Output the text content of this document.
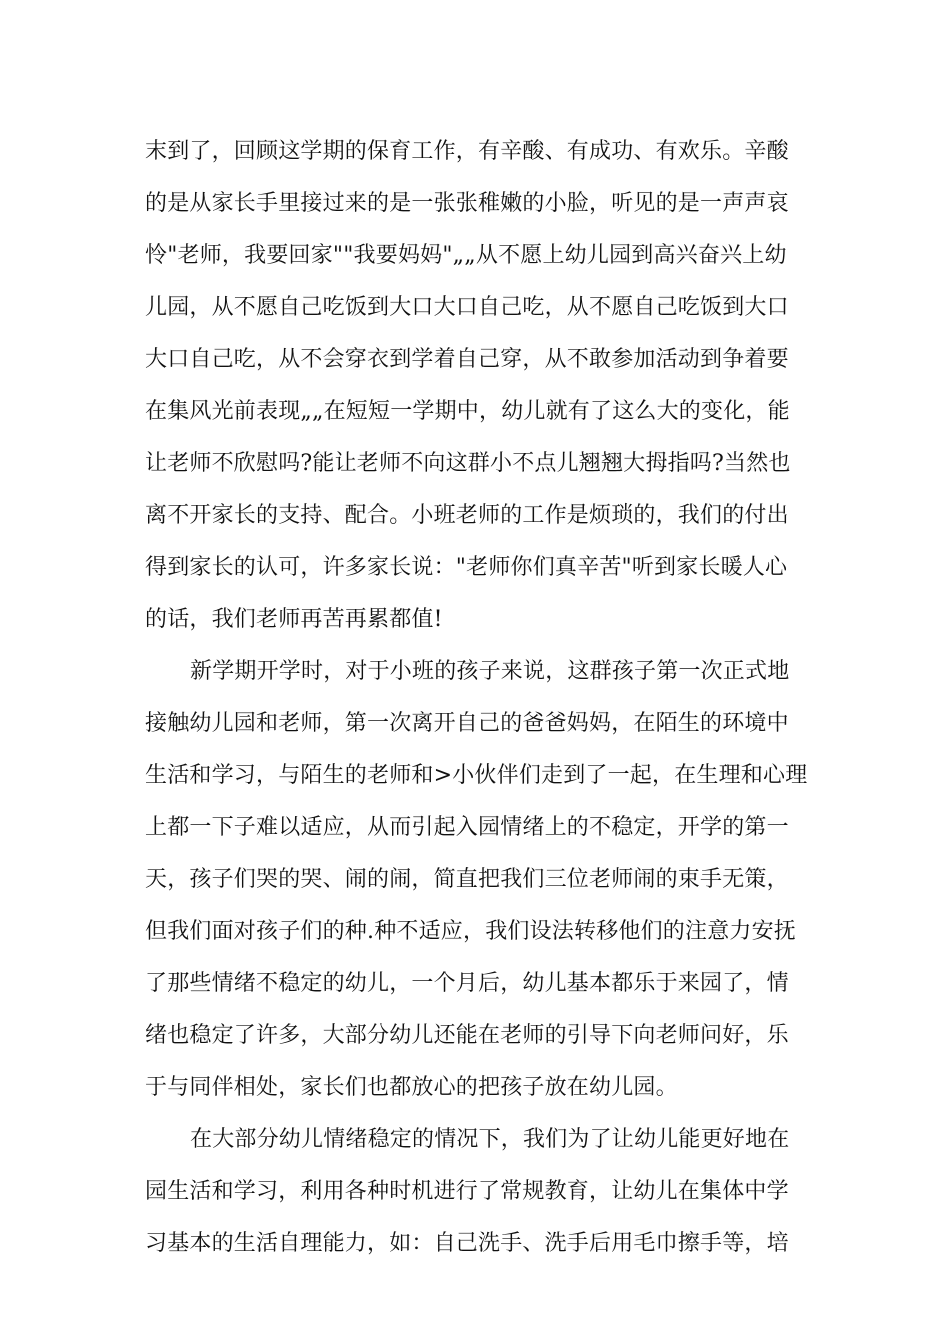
末到了，回顾这学期的保育工作，有辛酸、有成功、有欢乐。辛酸
的是从家长手里接过来的是一张张稚嫩的小脸，听见的是一声声哀
怜"老师，我要回家""我要妈妈"„„从不愿上幼儿园到高兴奋兴上幼
儿园，从不愿自己吃饭到大口大口自己吃，从不愿自己吃饭到大口
大口自己吃，从不会穿衣到学着自己穿，从不敢参加活动到争着要
在集风光前表现„„在短短一学期中，幼儿就有了这么大的变化，能
让老师不欣慰吗?能让老师不向这群小不点儿翘翘大拇指吗?当然也
离不开家长的支持、配合。小班老师的工作是烦琐的，我们的付出
得到家长的认可，许多家长说："老师你们真辛苦"听到家长暖人心
的话，我们老师再苦再累都值!
新学期开学时，对于小班的孩子来说，这群孩子第一次正式地
接触幼儿园和老师，第一次离开自己的爸爸妈妈，在陌生的环境中
生活和学习，与陌生的老师和>小伙伴们走到了一起，在生理和心理
上都一下子难以适应，从而引起入园情绪上的不稳定，开学的第一
天，孩子们哭的哭、闹的闹，简直把我们三位老师闹的束手无策，
但我们面对孩子们的种.种不适应，我们设法转移他们的注意力安抚
了那些情绪不稳定的幼儿，一个月后，幼儿基本都乐于来园了，情
绪也稳定了许多，大部分幼儿还能在老师的引导下向老师问好，乐
于与同伴相处，家长们也都放心的把孩子放在幼儿园。
在大部分幼儿情绪稳定的情况下，我们为了让幼儿能更好地在
园生活和学习，利用各种时机进行了常规教育，让幼儿在集体中学
习基本的生活自理能力，如：自己洗手、洗手后用毛巾擦手等，培
